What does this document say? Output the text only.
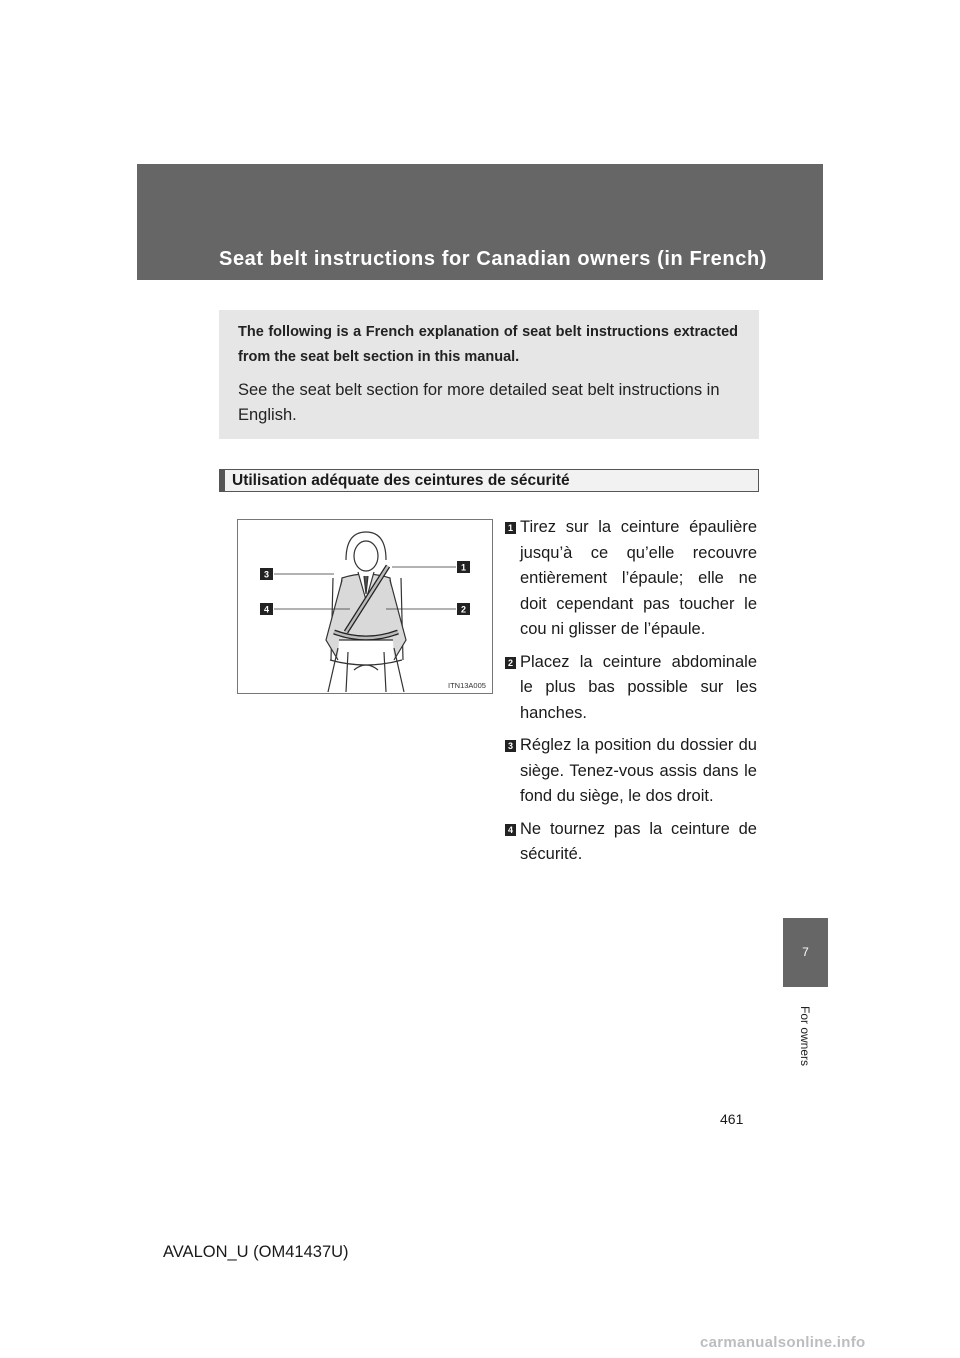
Seat belt instructions for Canadian owners (in French)

The following is a French explanation of seat belt instructions extracted from the seat belt section in this manual.

See the seat belt section for more detailed seat belt instructions in English.

Utilisation adéquate des ceintures de sécurité
3
4
1
2
ITN13A005
1
Tirez sur la ceinture épaulière jusqu’à ce qu’elle recouvre entièrement l’épaule; elle ne doit cependant pas toucher le cou ni glisser de l’épaule.
2
Placez la ceinture abdominale le plus bas possible sur les hanches.
3
Réglez la position du dossier du siège. Tenez-vous assis dans le fond du siège, le dos droit.
4
Ne tournez pas la ceinture de sécurité.
7
For owners
461
AVALON_U (OM41437U)
carmanualsonline.info
